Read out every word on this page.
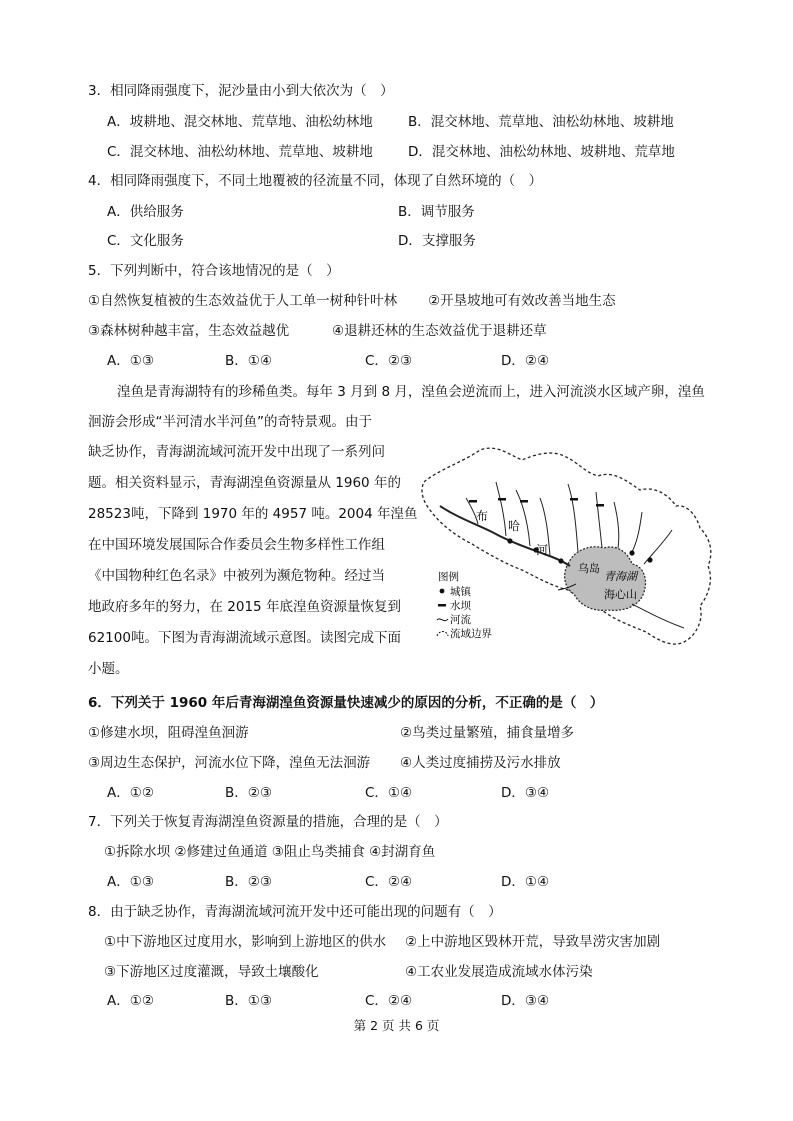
3．相同降雨强度下，泥沙量由小到大依次为（　）
A．坡耕地、混交林地、荒草地、油松幼林地	B．混交林地、荒草地、油松幼林地、坡耕地
C．混交林地、油松幼林地、荒草地、坡耕地	D．混交林地、油松幼林地、坡耕地、荒草地
4．相同降雨强度下，不同土地覆被的径流量不同，体现了自然环境的（　）
A．供给服务	B．调节服务
C．文化服务	D．支撑服务
5．下列判断中，符合该地情况的是（　）
①自然恢复植被的生态效益优于人工单一树种针叶林 ②开垦坡地可有效改善当地生态
③森林树种越丰富，生态效益越优	④退耕还林的生态效益优于退耕还草
A．①③	B．①④	C．②③	D．②④
湟鱼是青海湖特有的珍稀鱼类。每年 3 月到 8 月，湟鱼会逆流而上，进入河流淡水区域产卵，湟鱼
洄游会形成“半河清水半河鱼”的奇特景观。由于
缺乏协作，青海湖流域河流开发中出现了一系列问
题。相关资料显示，青海湖湟鱼资源量从 1960 年的
28523吨，下降到 1970 年的 4957 吨。2004 年湟鱼
在中国环境发展国际合作委员会生物多样性工作组
《中国物种红色名录》中被列为濒危物种。经过当
地政府多年的努力，在 2015 年底湟鱼资源量恢复到
62100吨。下图为青海湖流域示意图。读图完成下面
小题。
布
哈
河
乌岛
青海湖
海心山
图例
城镇
水坝
河流
流域边界
6．下列关于 1960 年后青海湖湟鱼资源量快速减少的原因的分析，不正确的是（　）
①修建水坝，阻碍湟鱼洄游	②鸟类过量繁殖，捕食量增多
③周边生态保护，河流水位下降，湟鱼无法洄游 ④人类过度捕捞及污水排放
A．①②	B．②③	C．①④	D．③④
7．下列关于恢复青海湖湟鱼资源量的措施，合理的是（　）
①拆除水坝 ②修建过鱼通道 ③阻止鸟类捕食 ④封湖育鱼
A．①③	B．②③	C．②④	D．①④
8．由于缺乏协作，青海湖流域河流开发中还可能出现的问题有（　）
①中下游地区过度用水，影响到上游地区的供水 ②上中游地区毁林开荒，导致旱涝灾害加剧
③下游地区过度灌溉，导致土壤酸化	④工农业发展造成流域水体污染
A．①②	B．①③	C．②④	D．③④
第 2 页 共 6 页
